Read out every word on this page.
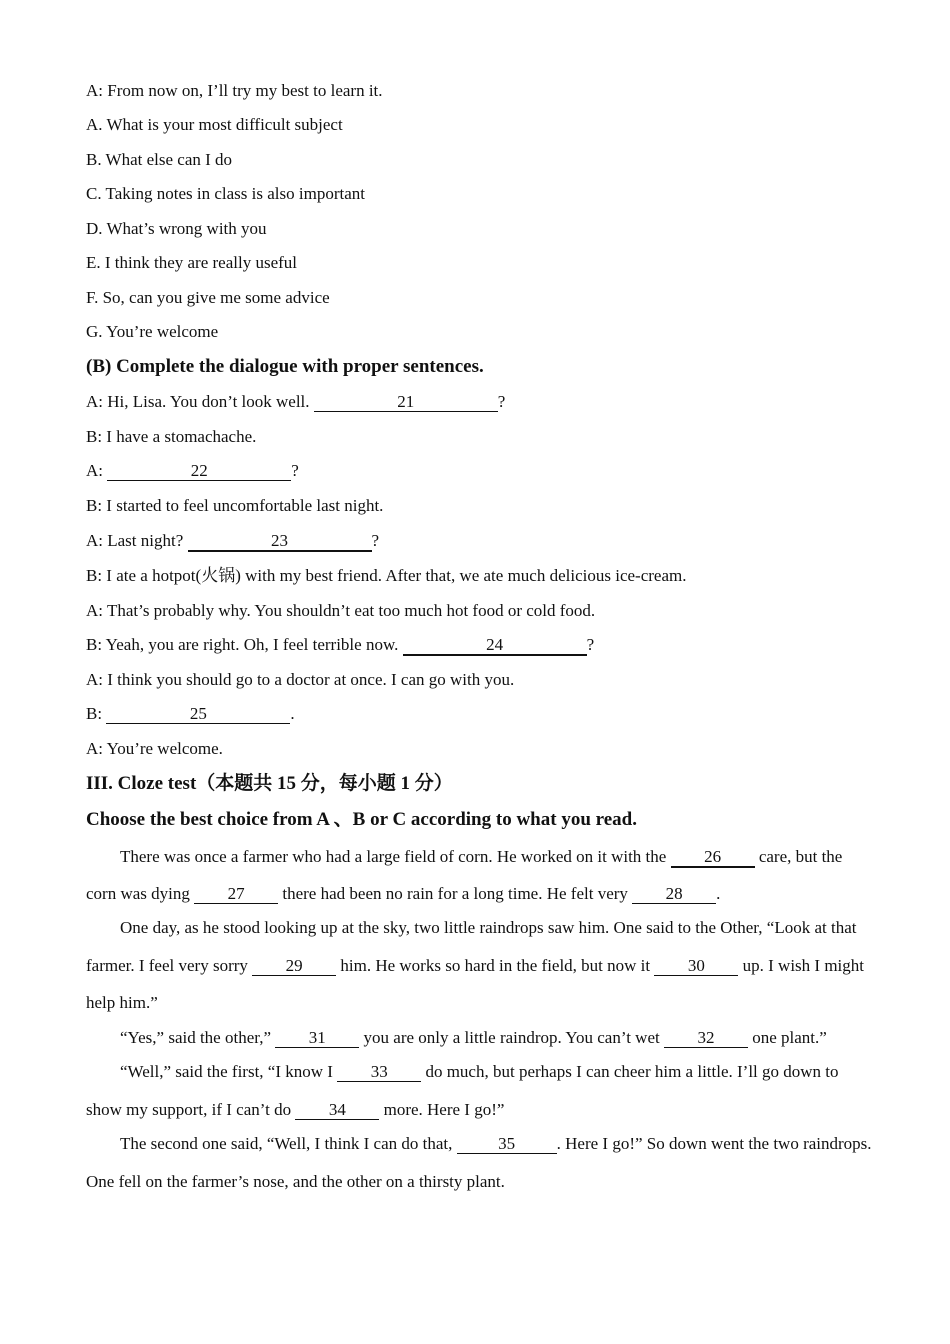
A: From now on, I’ll try my best to learn it.

A. What is your most difficult subject

B. What else can I do

C. Taking notes in class is also important

D. What’s wrong with you

E. I think they are really useful

F. So, can you give me some advice

G. You’re welcome

(B) Complete the dialogue with proper sentences.

A: Hi, Lisa. You don’t look well.	21	?

B: I have a stomachache.

A:	22	?

B: I started to feel uncomfortable last night.

A: Last night?	23	?

B: I ate a hotpot(火锅) with my best friend. After that, we ate much delicious ice-cream.

A: That’s probably why. You shouldn’t eat too much hot food or cold food.

B: Yeah, you are right. Oh, I feel terrible now.	24	?

A: I think you should go to a doctor at once. I can go with you.

B:	25	.

A: You’re welcome.

III. Cloze test（本题共 15 分，每小题 1 分）

Choose the best choice from A 、B or C according to what you read.

There was once a farmer who had a large field of corn. He worked on it with the 26 care, but the

corn was dying 27 there had been no rain for a long time. He felt very 28 .

One day, as he stood looking up at the sky, two little raindrops saw him. One said to the Other, “Look at that

farmer. I feel very sorry 29 him. He works so hard in the field, but now it 30 up. I wish I might

help him.”

“Yes,” said the other,” 31 you are only a little raindrop. You can’t wet 32 one plant.”

“Well,” said the first, “I know I 33 do much, but perhaps I can cheer him a little. I’ll go down to

show my support, if I can’t do 34 more. Here I go!”

The second one said, “Well, I think I can do that, 35 . Here I go!” So down went the two raindrops.

One fell on the farmer’s nose, and the other on a thirsty plant.
